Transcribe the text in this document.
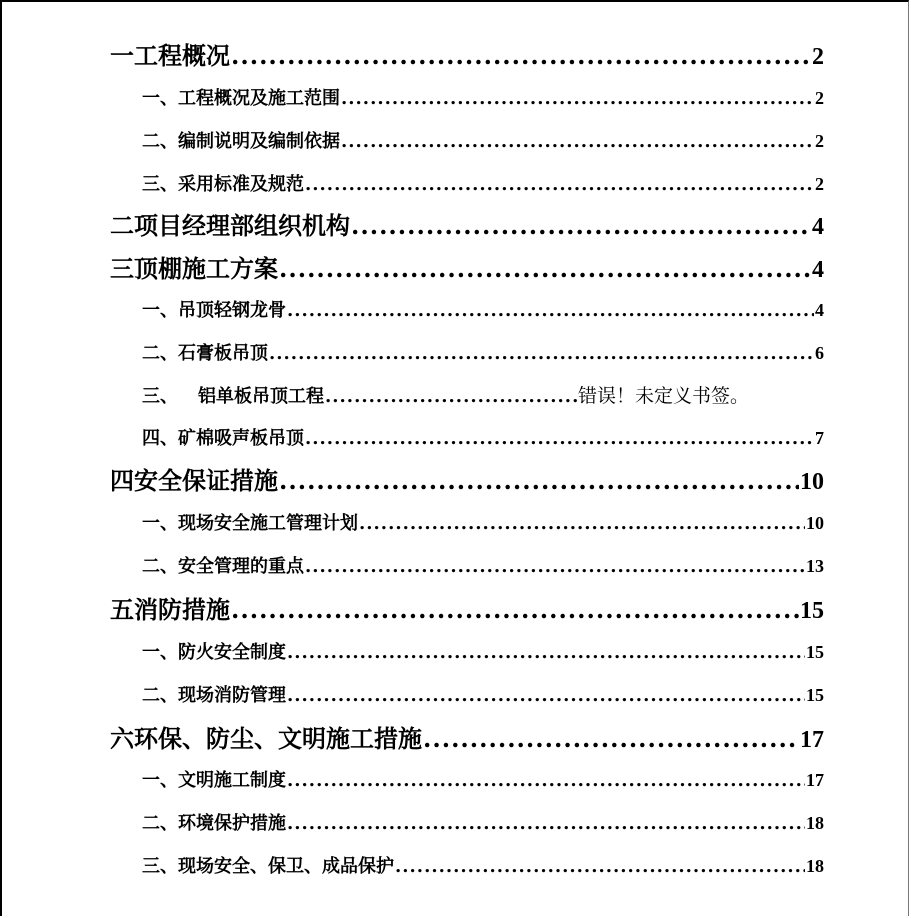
一 工程概况 .....	2
一、工程概况及施工范围 .....	2
二、编制说明及编制依据 .....	2
三、采用标准及规范 .....	2
二 项目经理部组织机构 .....	4
三 顶棚施工方案 .....	4
一、 吊顶轻钢龙骨 .....	4
二、 石膏板吊顶 .....	6
三、	铝单板吊顶工程 .....	错误！未定义书签。
四、 矿棉吸声板吊顶 .....	7
四 安全保证措施 .....	10
一、现场安全施工管理计划 .....	10
二、安全管理的重点 .....	13
五 消防措施 .....	15
一、防火安全制度 .....	15
二、现场消防管理 .....	15
六 环保、防尘、文明施工措施 .....	17
一、文明施工制度 .....	17
二、环境保护措施 .....	18
三、现场安全、保卫、成品保护 .....	18
